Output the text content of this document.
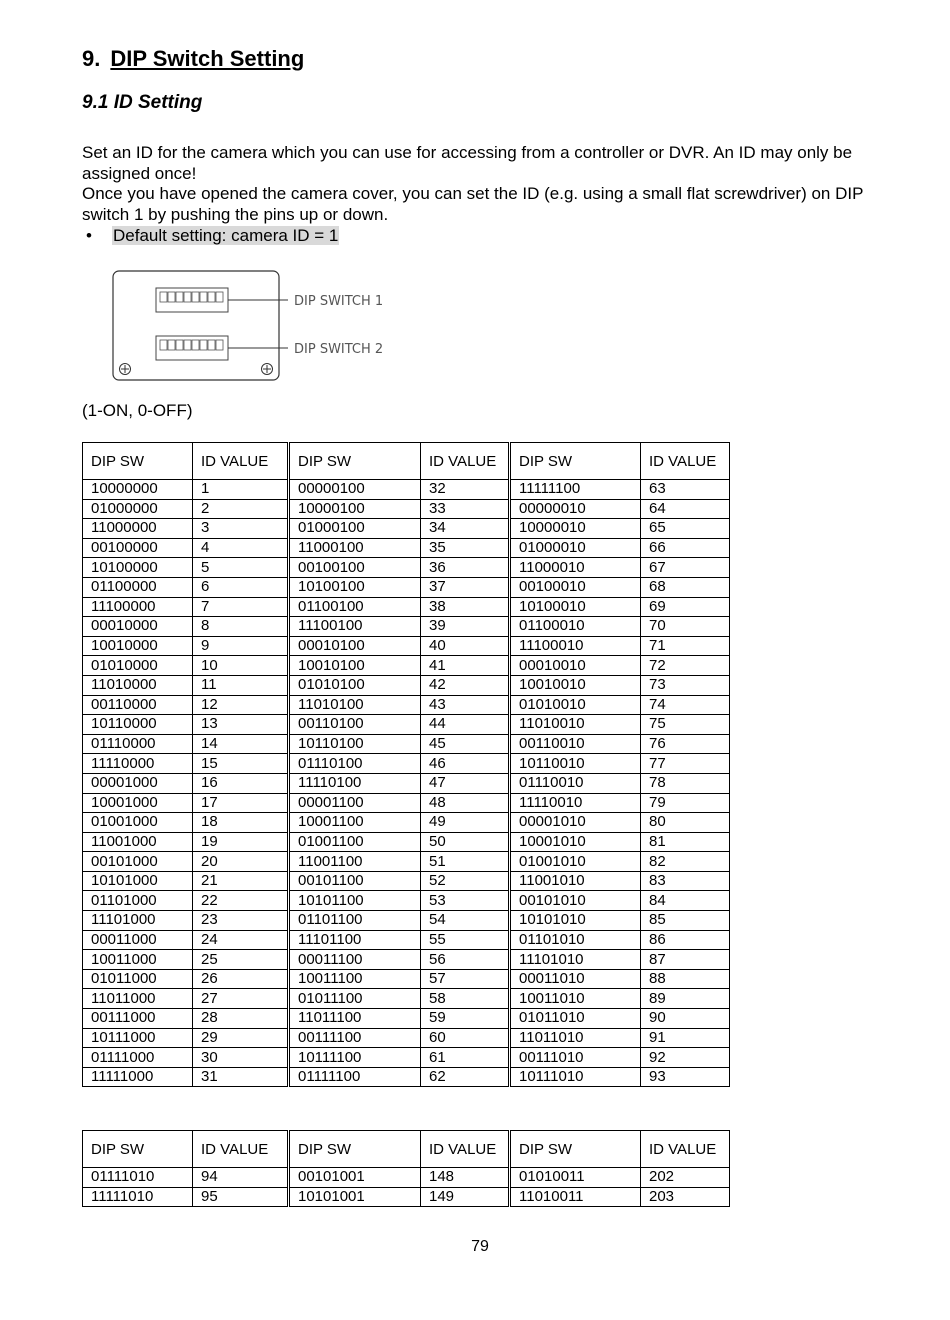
9. DIP Switch Setting
9.1 ID Setting
Set an ID for the camera which you can use for accessing from a controller or DVR. An ID may only be assigned once!
Once you have opened the camera cover, you can set the ID (e.g. using a small flat screwdriver) on DIP switch 1 by pushing the pins up or down.
• Default setting: camera ID = 1
DIP SWITCH 1
DIP SWITCH 2
(1-ON, 0-OFF)
DIP SW	ID VALUE	DIP SW	ID VALUE	DIP SW	ID VALUE
10000000	1	00000100	32	11111100	63
01000000	2	10000100	33	00000010	64
11000000	3	01000100	34	10000010	65
00100000	4	11000100	35	01000010	66
10100000	5	00100100	36	11000010	67
01100000	6	10100100	37	00100010	68
11100000	7	01100100	38	10100010	69
00010000	8	11100100	39	01100010	70
10010000	9	00010100	40	11100010	71
01010000	10	10010100	41	00010010	72
11010000	11	01010100	42	10010010	73
00110000	12	11010100	43	01010010	74
10110000	13	00110100	44	11010010	75
01110000	14	10110100	45	00110010	76
11110000	15	01110100	46	10110010	77
00001000	16	11110100	47	01110010	78
10001000	17	00001100	48	11110010	79
01001000	18	10001100	49	00001010	80
11001000	19	01001100	50	10001010	81
00101000	20	11001100	51	01001010	82
10101000	21	00101100	52	11001010	83
01101000	22	10101100	53	00101010	84
11101000	23	01101100	54	10101010	85
00011000	24	11101100	55	01101010	86
10011000	25	00011100	56	11101010	87
01011000	26	10011100	57	00011010	88
11011000	27	01011100	58	10011010	89
00111000	28	11011100	59	01011010	90
10111000	29	00111100	60	11011010	91
01111000	30	10111100	61	00111010	92
11111000	31	01111100	62	10111010	93
DIP SW	ID VALUE	DIP SW	ID VALUE	DIP SW	ID VALUE
01111010	94	00101001	148	01010011	202
11111010	95	10101001	149	11010011	203
79
